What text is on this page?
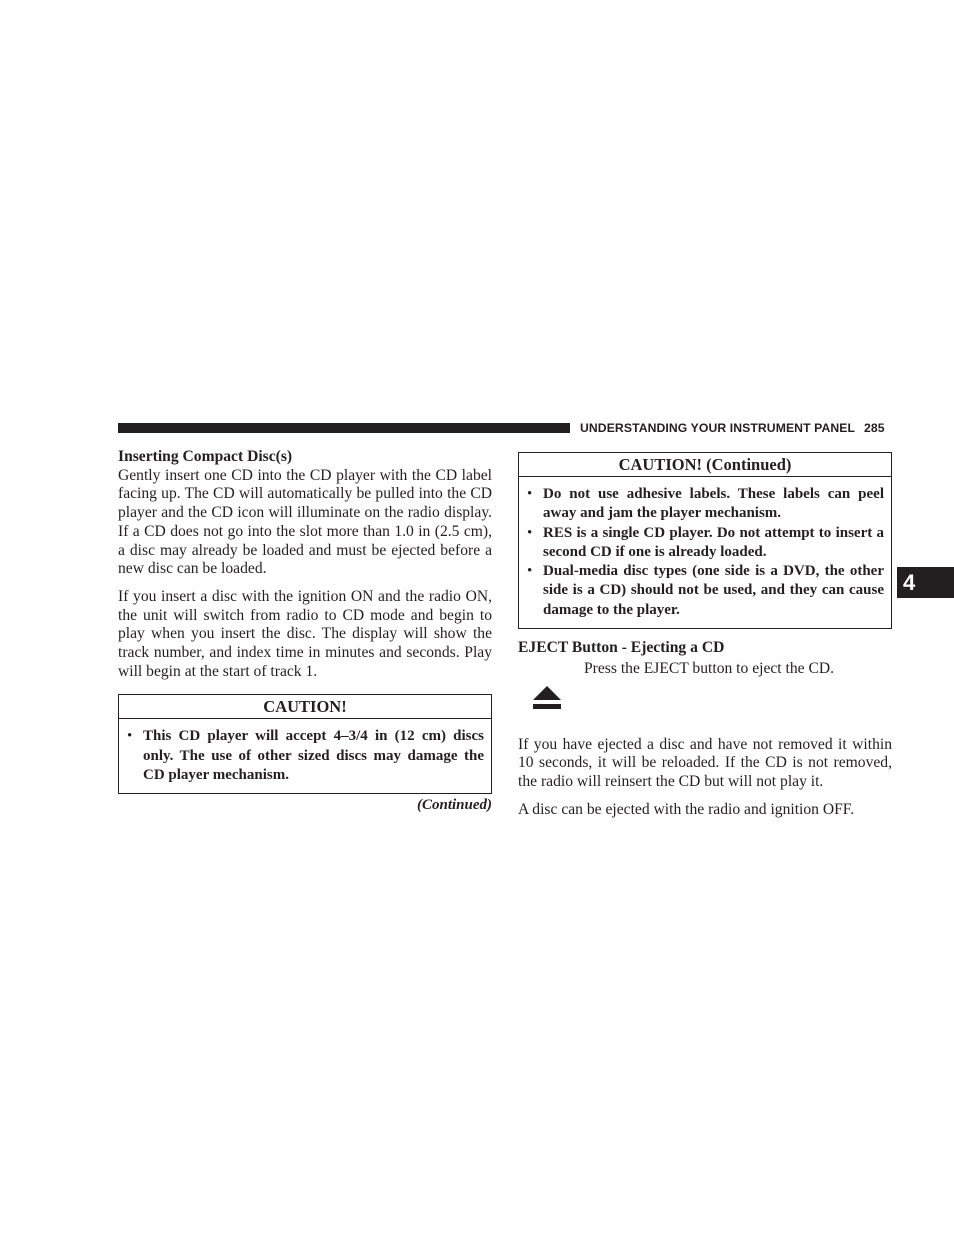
UNDERSTANDING YOUR INSTRUMENT PANEL 285
4

Inserting Compact Disc(s)

Gently insert one CD into the CD player with the CD label facing up. The CD will automatically be pulled into the CD player and the CD icon will illuminate on the radio display. If a CD does not go into the slot more than 1.0 in (2.5 cm), a disc may already be loaded and must be ejected before a new disc can be loaded.

If you insert a disc with the ignition ON and the radio ON, the unit will switch from radio to CD mode and begin to play when you insert the disc. The display will show the track number, and index time in minutes and seconds. Play will begin at the start of track 1.

CAUTION!
• This CD player will accept 4–3/4 in (12 cm) discs only. The use of other sized discs may damage the CD player mechanism.
(Continued)
CAUTION! (Continued)
• Do not use adhesive labels. These labels can peel away and jam the player mechanism.
• RES is a single CD player. Do not attempt to insert a second CD if one is already loaded.
• Dual-media disc types (one side is a DVD, the other side is a CD) should not be used, and they can cause damage to the player.

EJECT Button - Ejecting a CD

Press the EJECT button to eject the CD.

If you have ejected a disc and have not removed it within 10 seconds, it will be reloaded. If the CD is not removed, the radio will reinsert the CD but will not play it.

A disc can be ejected with the radio and ignition OFF.
